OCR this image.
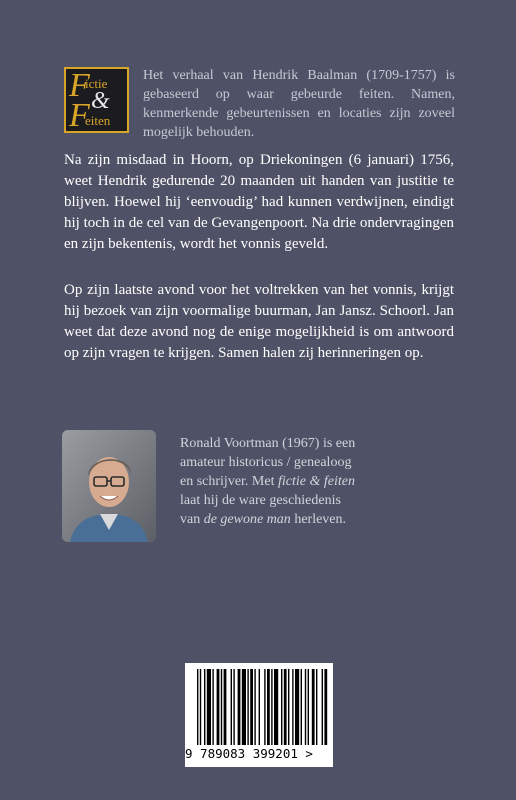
F
ictie
&
F
eiten
Het verhaal van Hendrik Baalman (1709-1757) is gebaseerd op waar gebeurde feiten. Namen, kenmerkende gebeurtenissen en locaties zijn zoveel mogelijk behouden.
Na zijn misdaad in Hoorn, op Driekoningen (6 januari) 1756, weet Hendrik gedurende 20 maanden uit handen van justitie te blijven. Hoewel hij ‘eenvoudig’ had kunnen verdwijnen, eindigt hij toch in de cel van de Gevangenpoort. Na drie ondervragingen en zijn bekentenis, wordt het vonnis geveld.
Op zijn laatste avond voor het voltrekken van het vonnis, krijgt hij bezoek van zijn voormalige buurman, Jan Jansz. Schoorl. Jan weet dat deze avond nog de enige mogelijkheid is om antwoord op zijn vragen te krijgen. Samen halen zij herinneringen op.
Ronald Voortman (1967) is een amateur historicus / genealoog en schrijver. Met fictie & feiten laat hij de ware geschiedenis van de gewone man herleven.
9 789083 399201 >
